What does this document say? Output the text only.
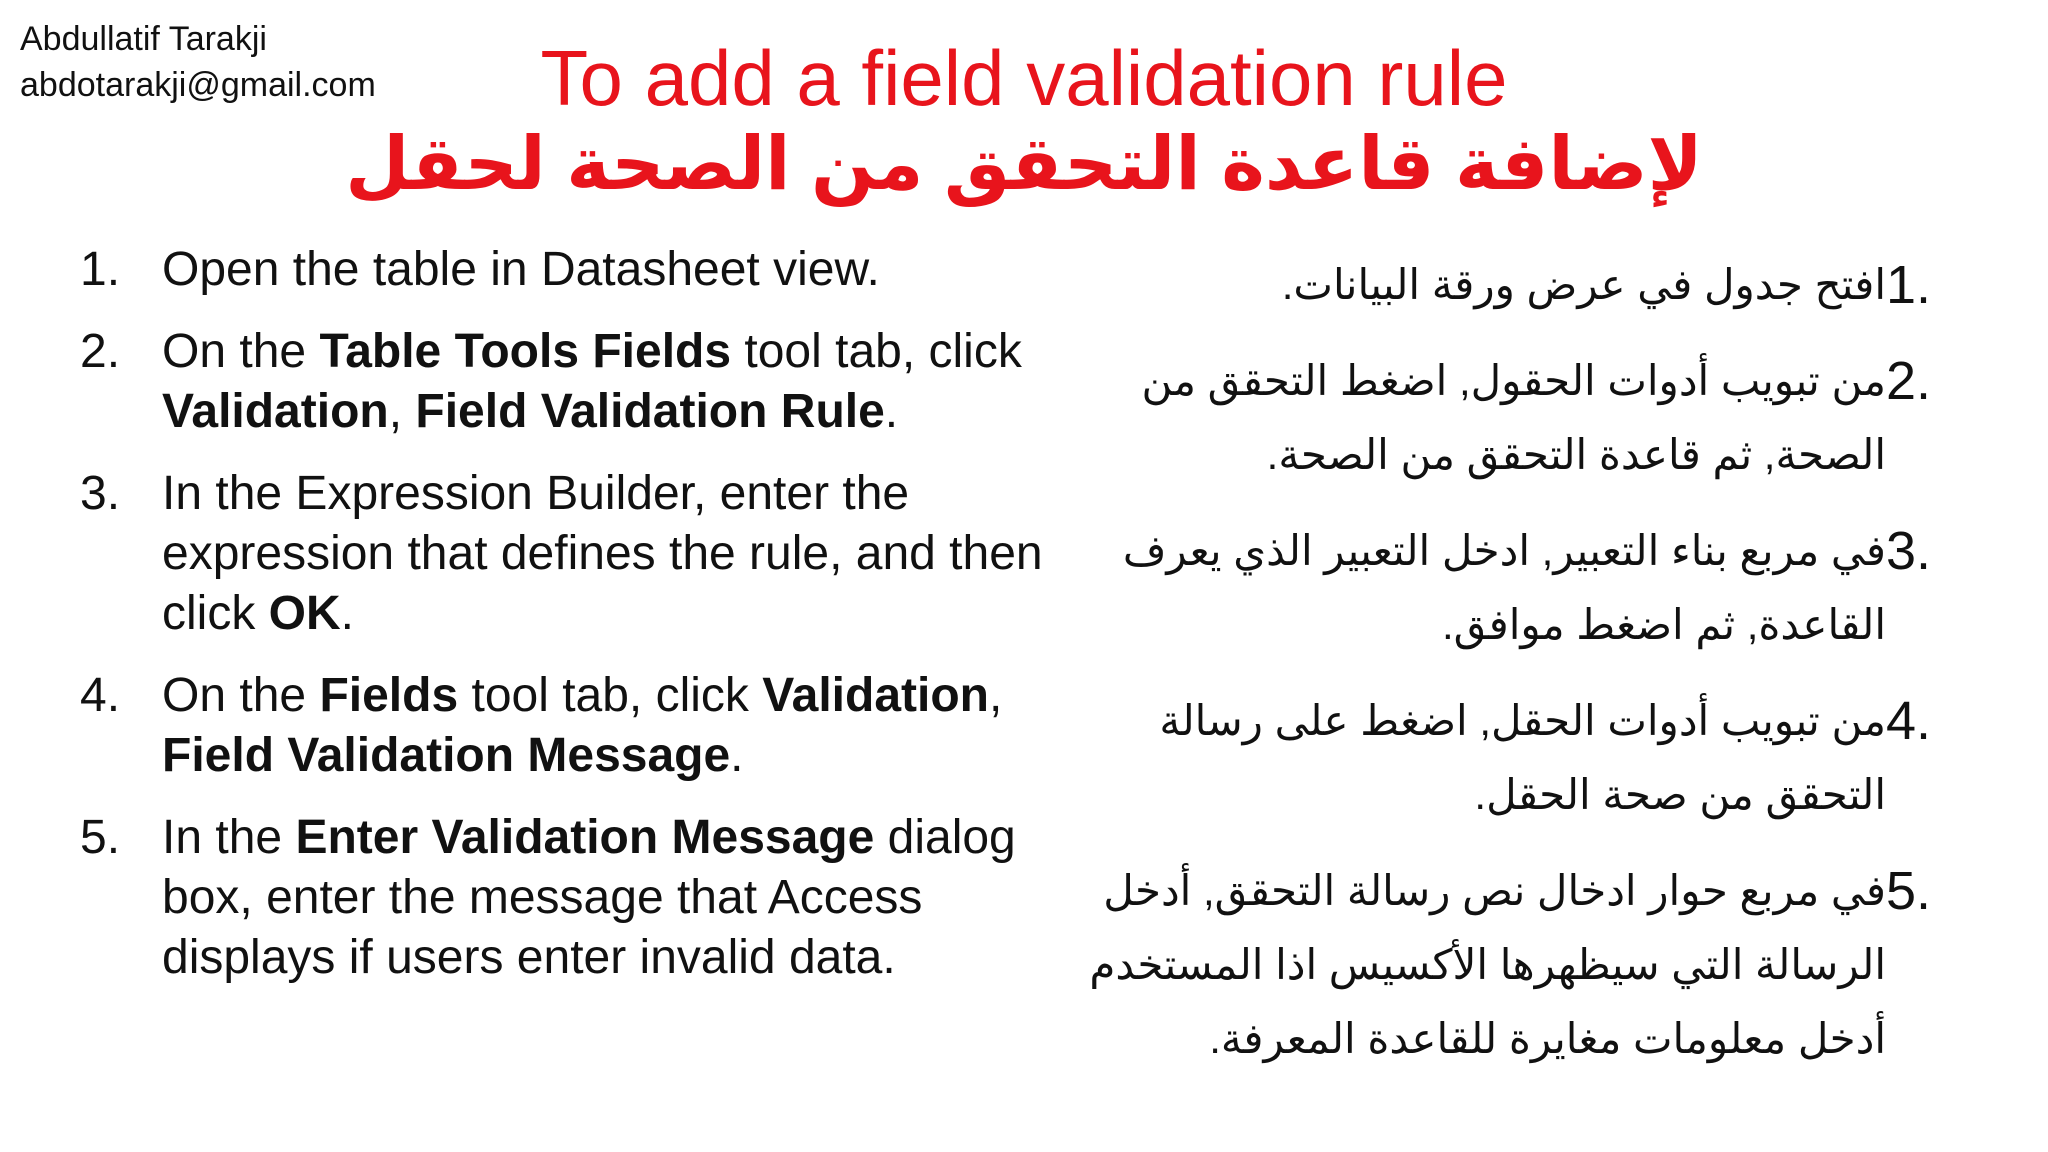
Abdullatif Tarakji
abdotarakji@gmail.com	To add a field validation rule
لإضافة قاعدة التحقق من الصحة لحقل
1. Open the table in Datasheet view.
2. On the Table Tools Fields tool tab, click Validation, Field Validation Rule.
3. In the Expression Builder, enter the expression that defines the rule, and then click OK.
4. On the Fields tool tab, click Validation, Field Validation Message.
5. In the Enter Validation Message dialog box, enter the message that Access displays if users enter invalid data.
1.
افتح جدول في عرض ورقة البيانات.
2.
من تبويب أدوات الحقول, اضغط التحقق من الصحة, ثم قاعدة التحقق من الصحة.
3.
في مربع بناء التعبير, ادخل التعبير الذي يعرف القاعدة, ثم اضغط موافق.
4.
من تبويب أدوات الحقل, اضغط على رسالة التحقق من صحة الحقل.
5.
في مربع حوار ادخال نص رسالة التحقق, أدخل الرسالة التي سيظهرها الأكسيس اذا المستخدم أدخل معلومات مغايرة للقاعدة المعرفة.
